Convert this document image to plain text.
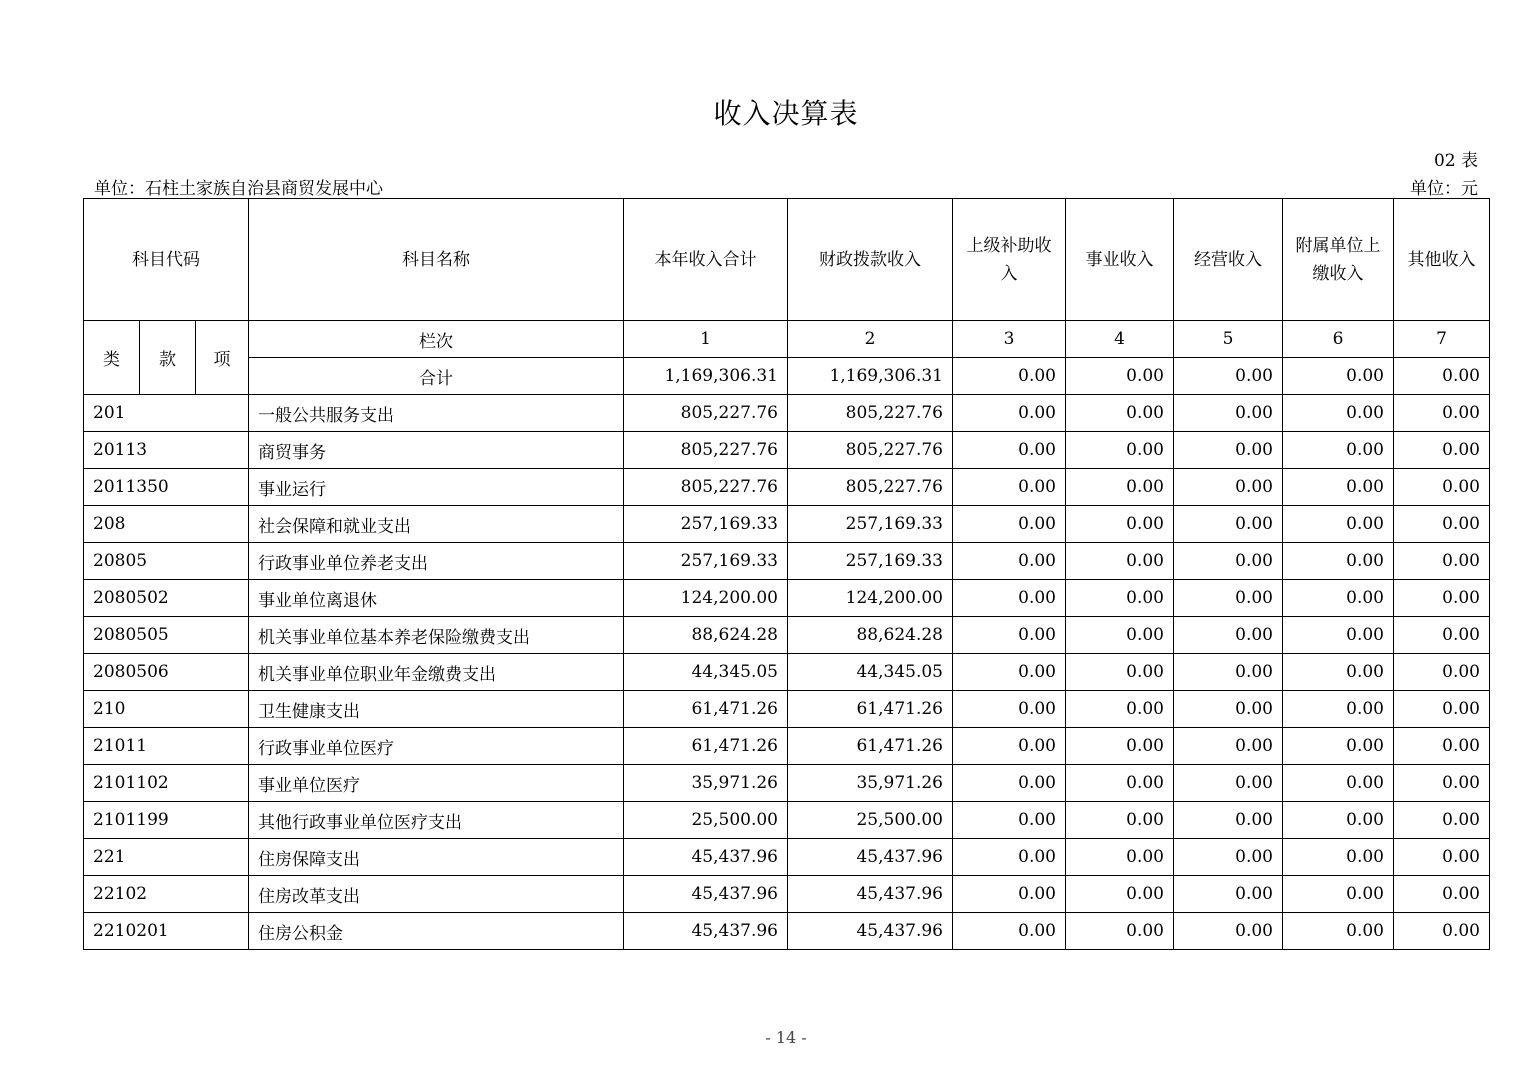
收入决算表
02 表
单位：石柱土家族自治县商贸发展中心	单位：元
科目代码			科目名称	本年收入合计	财政拨款收入	上级补助收入	事业收入	经营收入	附属单位上缴收入	其他收入
类	款	项	栏次	1	2	3	4	5	6	7
			合计	1,169,306.31	1,169,306.31	0.00	0.00	0.00	0.00	0.00
201			一般公共服务支出	805,227.76	805,227.76	0.00	0.00	0.00	0.00	0.00
20113			商贸事务	805,227.76	805,227.76	0.00	0.00	0.00	0.00	0.00
2011350			事业运行	805,227.76	805,227.76	0.00	0.00	0.00	0.00	0.00
208			社会保障和就业支出	257,169.33	257,169.33	0.00	0.00	0.00	0.00	0.00
20805			行政事业单位养老支出	257,169.33	257,169.33	0.00	0.00	0.00	0.00	0.00
2080502			事业单位离退休	124,200.00	124,200.00	0.00	0.00	0.00	0.00	0.00
2080505			机关事业单位基本养老保险缴费支出	88,624.28	88,624.28	0.00	0.00	0.00	0.00	0.00
2080506			机关事业单位职业年金缴费支出	44,345.05	44,345.05	0.00	0.00	0.00	0.00	0.00
210			卫生健康支出	61,471.26	61,471.26	0.00	0.00	0.00	0.00	0.00
21011			行政事业单位医疗	61,471.26	61,471.26	0.00	0.00	0.00	0.00	0.00
2101102			事业单位医疗	35,971.26	35,971.26	0.00	0.00	0.00	0.00	0.00
2101199			其他行政事业单位医疗支出	25,500.00	25,500.00	0.00	0.00	0.00	0.00	0.00
221			住房保障支出	45,437.96	45,437.96	0.00	0.00	0.00	0.00	0.00
22102			住房改革支出	45,437.96	45,437.96	0.00	0.00	0.00	0.00	0.00
2210201			住房公积金	45,437.96	45,437.96	0.00	0.00	0.00	0.00	0.00
- 14 -
